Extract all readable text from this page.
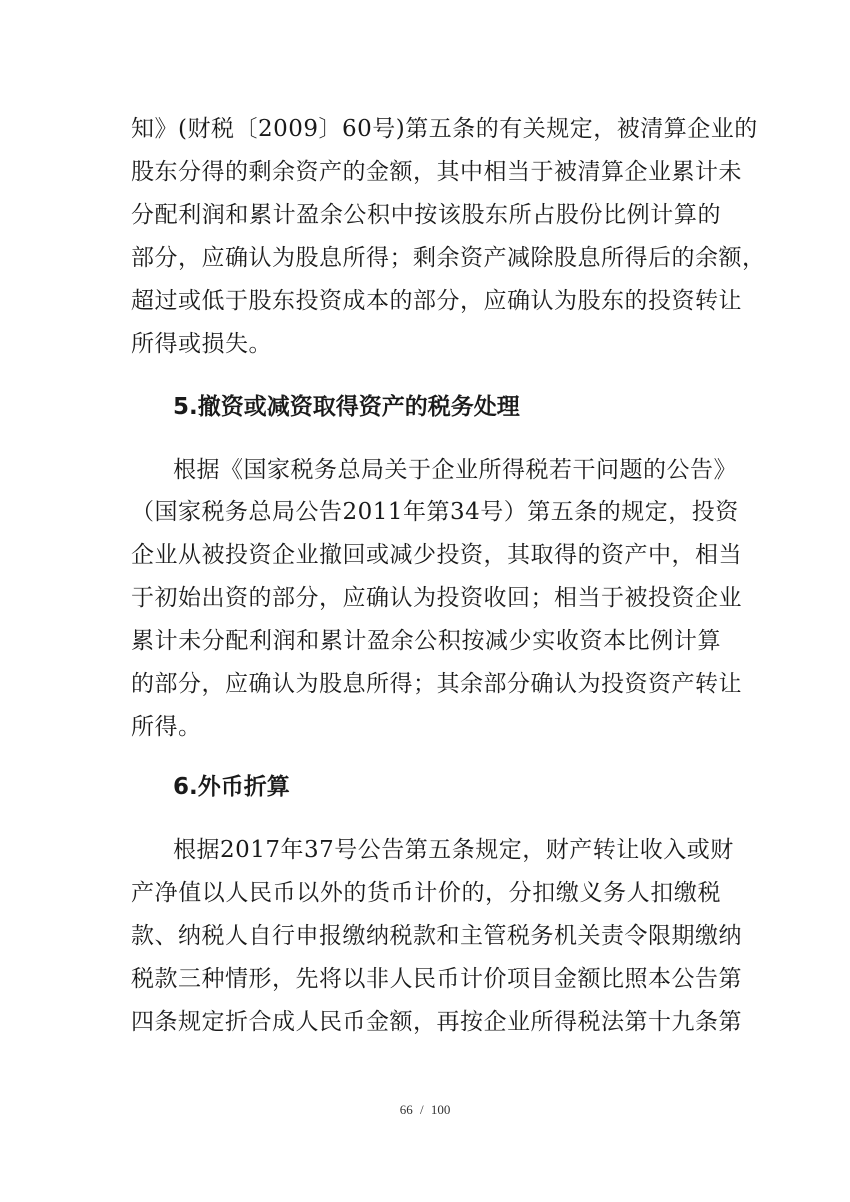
知》(财税〔2009〕60号)第五条的有关规定，被清算企业的
股东分得的剩余资产的金额，其中相当于被清算企业累计未
分配利润和累计盈余公积中按该股东所占股份比例计算的
部分，应确认为股息所得；剩余资产减除股息所得后的余额，
超过或低于股东投资成本的部分，应确认为股东的投资转让
所得或损失。
5.撤资或减资取得资产的税务处理
根据《国家税务总局关于企业所得税若干问题的公告》
（国家税务总局公告2011年第34号）第五条的规定，投资
企业从被投资企业撤回或减少投资，其取得的资产中，相当
于初始出资的部分，应确认为投资收回；相当于被投资企业
累计未分配利润和累计盈余公积按减少实收资本比例计算
的部分，应确认为股息所得；其余部分确认为投资资产转让
所得。
6.外币折算
根据2017年37号公告第五条规定，财产转让收入或财
产净值以人民币以外的货币计价的，分扣缴义务人扣缴税
款、纳税人自行申报缴纳税款和主管税务机关责令限期缴纳
税款三种情形，先将以非人民币计价项目金额比照本公告第
四条规定折合成人民币金额，再按企业所得税法第十九条第
66 / 100
